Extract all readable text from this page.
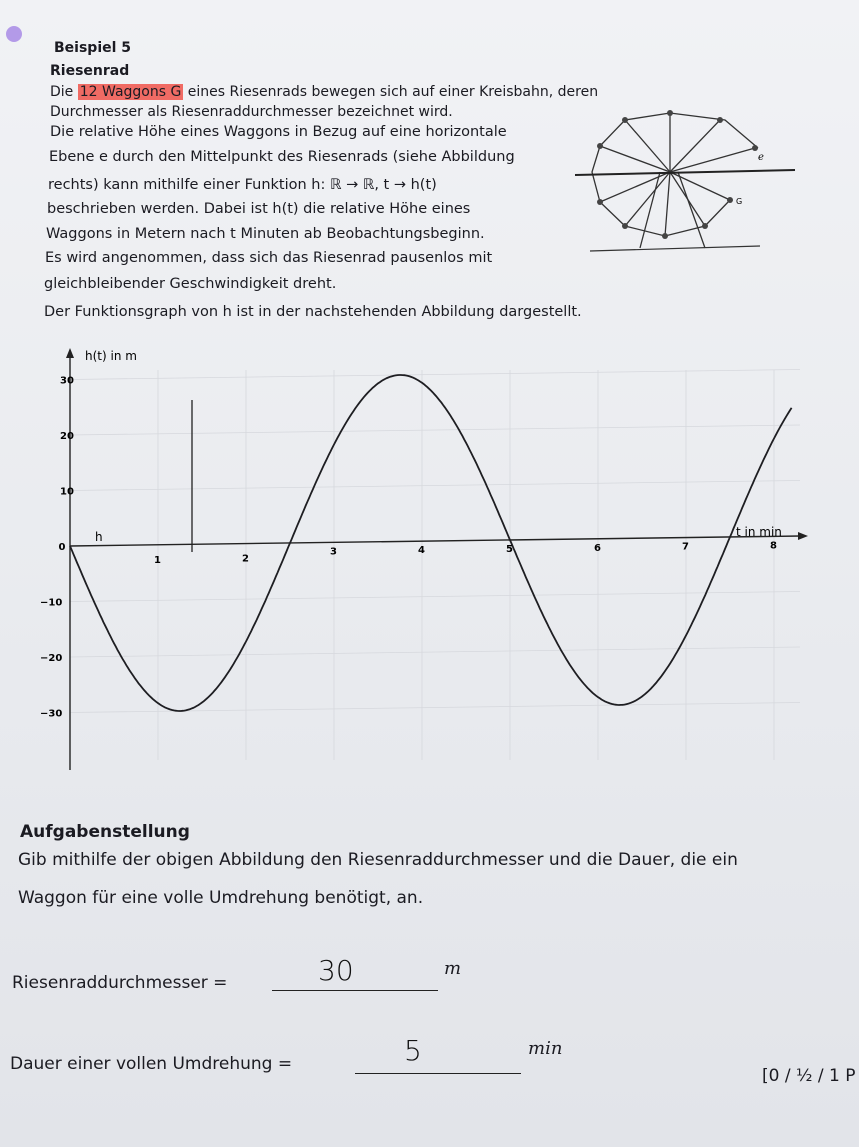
Beispiel 5
Riesenrad
Die 12 Waggons G eines Riesenrads bewegen sich auf einer Kreisbahn, deren
Durchmesser als Riesenraddurchmesser bezeichnet wird.
Die relative Höhe eines Waggons in Bezug auf eine horizontale
Ebene e durch den Mittelpunkt des Riesenrads (siehe Abbildung
rechts) kann mithilfe einer Funktion h: ℝ → ℝ, t → h(t)
beschrieben werden. Dabei ist h(t) die relative Höhe eines
Waggons in Metern nach t Minuten ab Beobachtungsbeginn.
Es wird angenommen, dass sich das Riesenrad pausenlos mit
gleichbleibender Geschwindigkeit dreht.
e
G
Der Funktionsgraph von h ist in der nachstehenden Abbildung dargestellt.
1	2
3	4	5	6	7	8
30
20
10
0
−10
−20
−30
h(t) in m
t in min
h
Aufgabenstellung
Gib mithilfe der obigen Abbildung den Riesenraddurchmesser und die Dauer, die ein
Waggon für eine volle Umdrehung benötigt, an.
Riesenraddurchmesser =	30	m
Dauer einer vollen Umdrehung =	5	min
[0 / ½ / 1 P
